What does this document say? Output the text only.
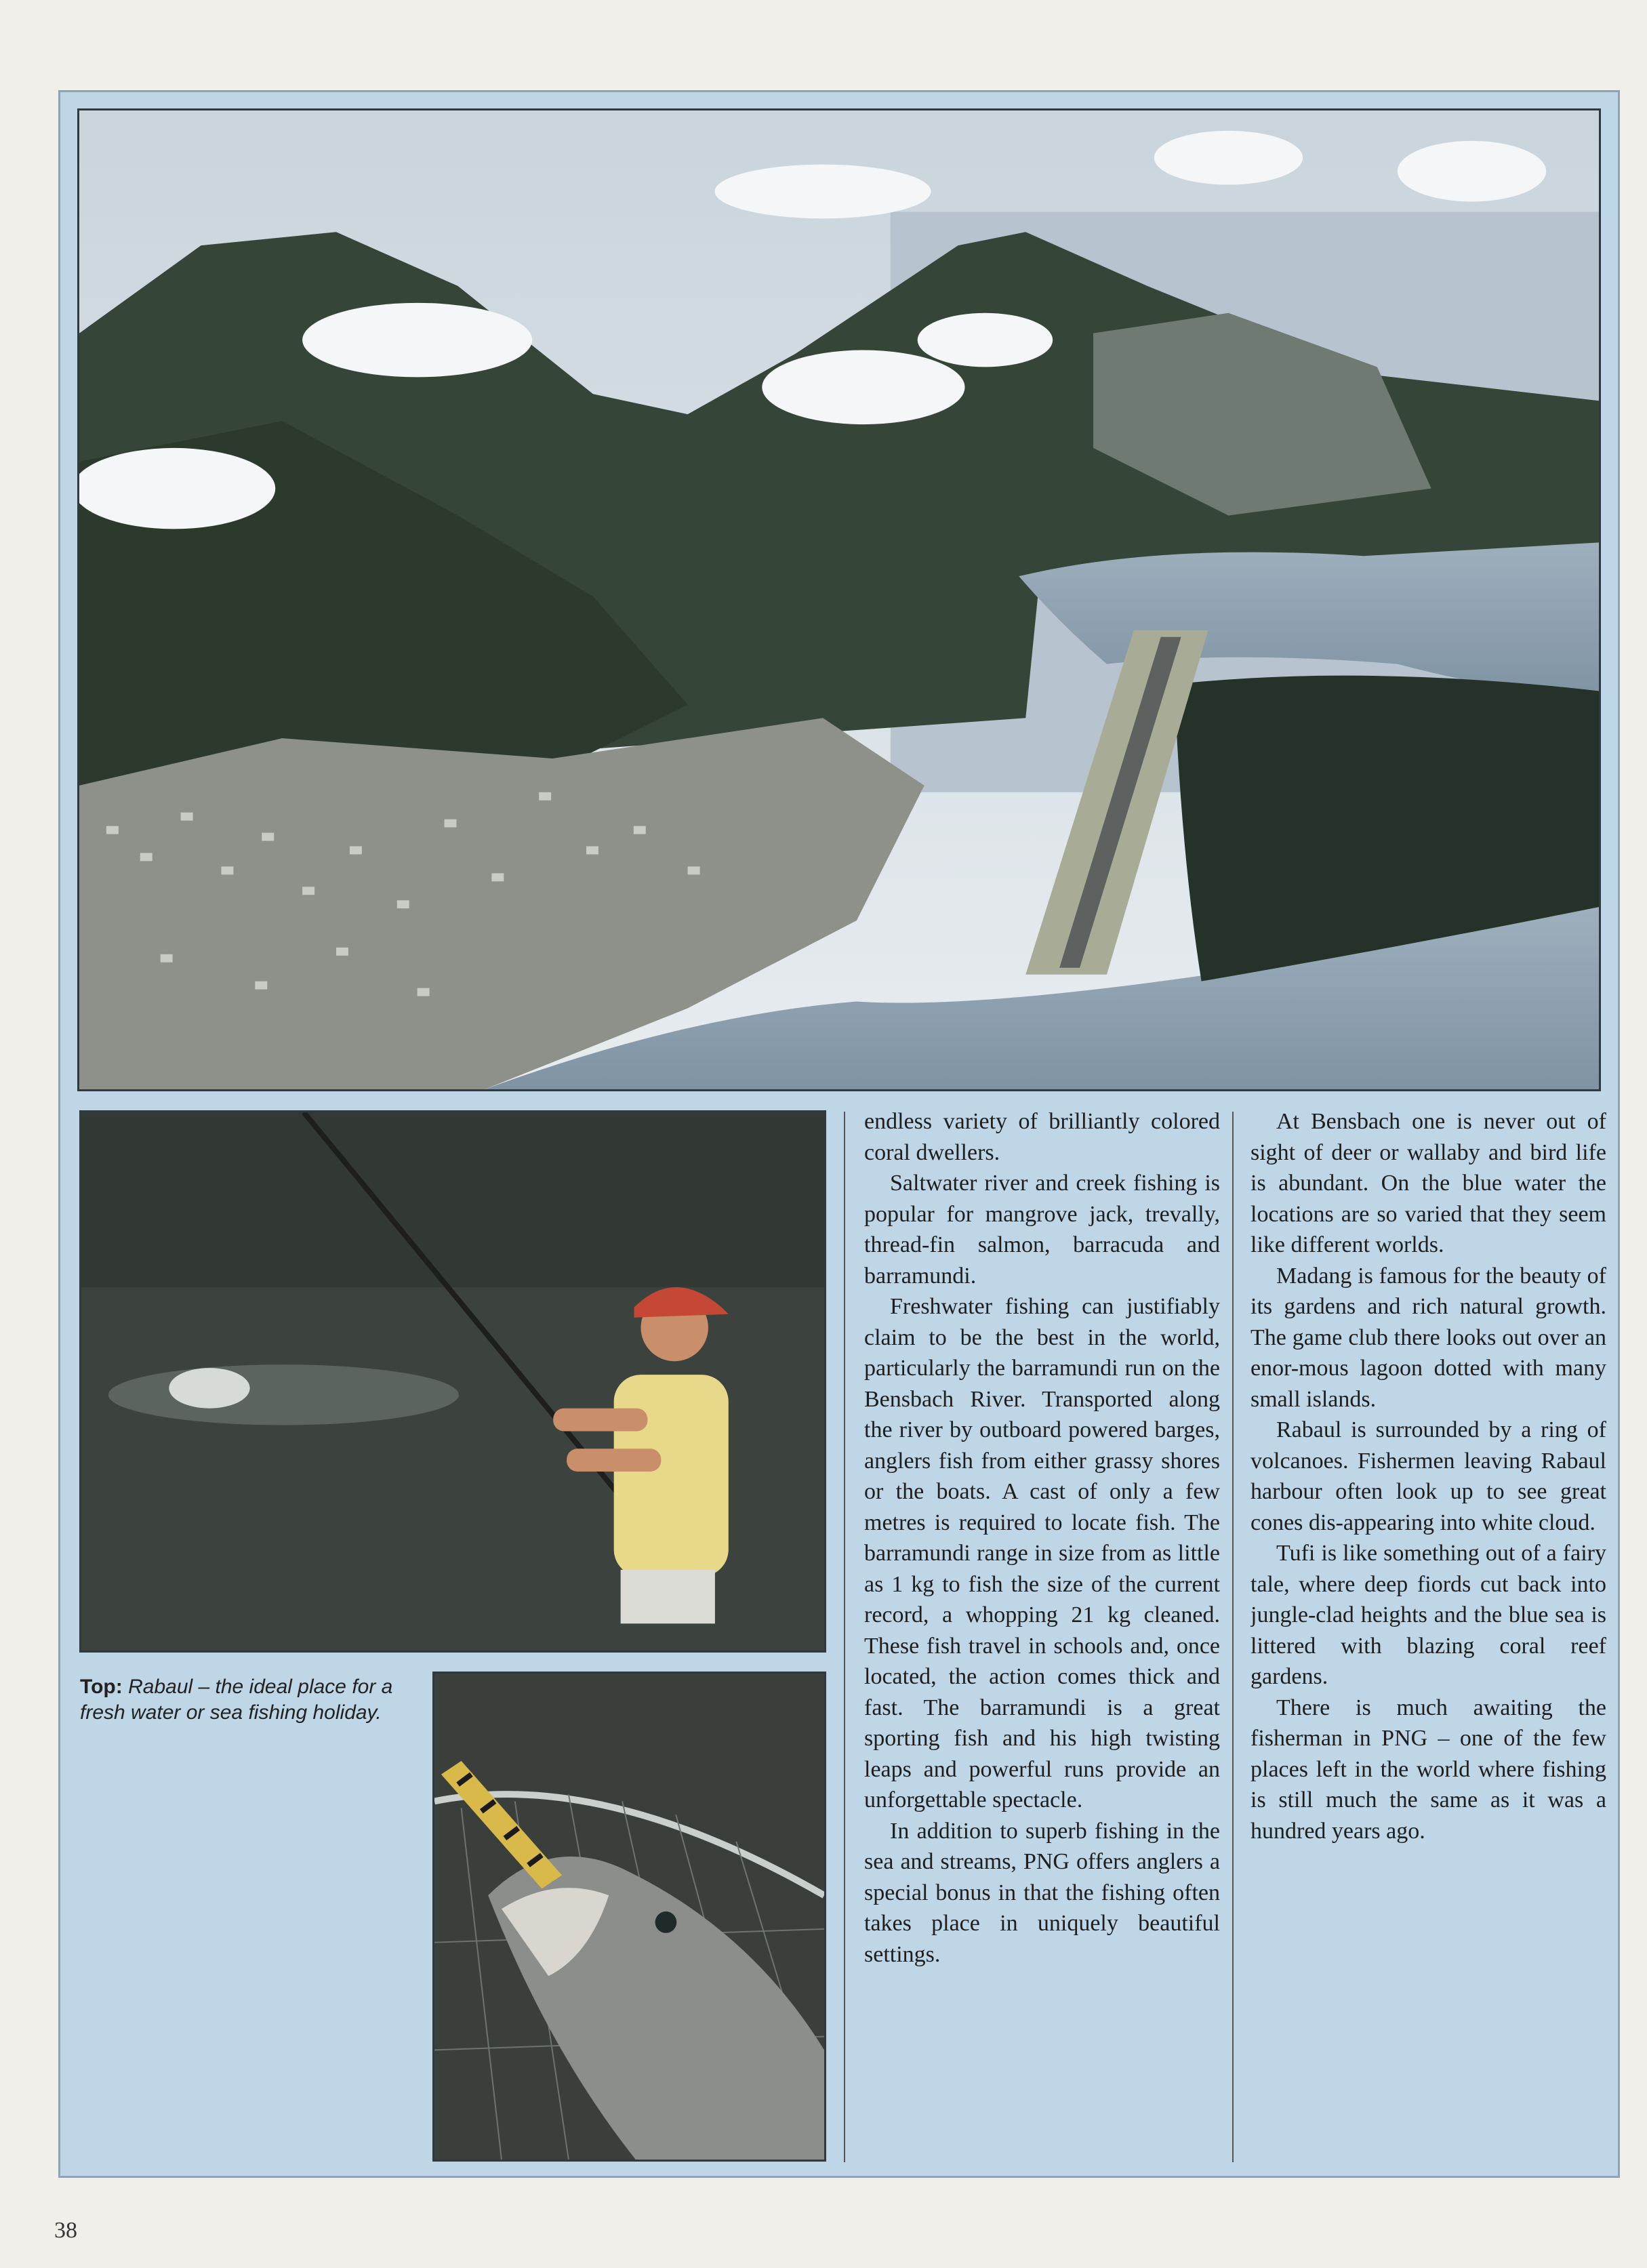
Top: Rabaul – the ideal place for a fresh water or sea fishing holiday.

endless variety of brilliantly colored coral dwellers.

Saltwater river and creek fishing is popular for mangrove jack, trevally, thread-fin salmon, barracuda and barramundi.

Freshwater fishing can justifiably claim to be the best in the world, particularly the barramundi run on the Bensbach River. Transported along the river by outboard powered barges, anglers fish from either grassy shores or the boats. A cast of only a few metres is required to locate fish. The barramundi range in size from as little as 1 kg to fish the size of the current record, a whopping 21 kg cleaned. These fish travel in schools and, once located, the action comes thick and fast. The barramundi is a great sporting fish and his high twisting leaps and powerful runs provide an unforgettable spectacle.

In addition to superb fishing in the sea and streams, PNG offers anglers a special bonus in that the fishing often takes place in uniquely beautiful settings.

At Bensbach one is never out of sight of deer or wallaby and bird life is abundant. On the blue water the locations are so varied that they seem like different worlds.

Madang is famous for the beauty of its gardens and rich natural growth. The game club there looks out over an enor-mous lagoon dotted with many small islands.

Rabaul is surrounded by a ring of volcanoes. Fishermen leaving Rabaul harbour often look up to see great cones dis-appearing into white cloud.

Tufi is like something out of a fairy tale, where deep fiords cut back into jungle-clad heights and the blue sea is littered with blazing coral reef gardens.

There is much awaiting the fisherman in PNG – one of the few places left in the world where fishing is still much the same as it was a hundred years ago.

38
